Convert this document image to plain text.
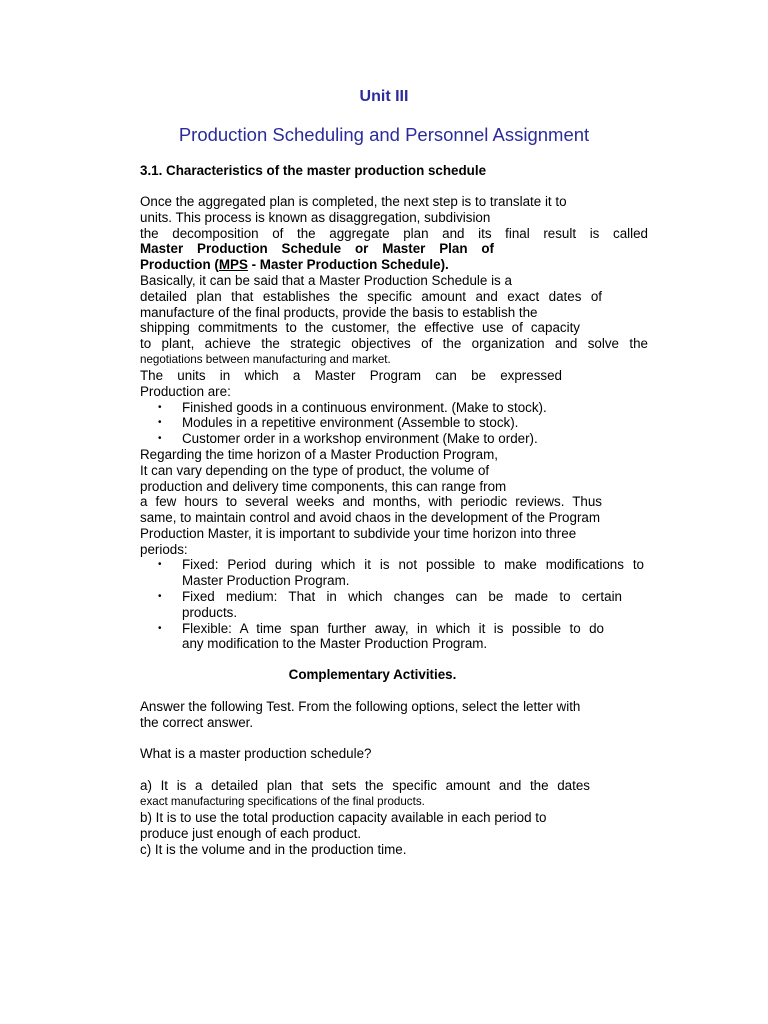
Unit III
Production Scheduling and Personnel Assignment
3.1. Characteristics of the master production schedule
Once the aggregated plan is completed, the next step is to translate it to
units. This process is known as disaggregation, subdivision
the decomposition of the aggregate plan and its final result is called
Master Production Schedule or Master Plan of
Production (MPS - Master Production Schedule).
Basically, it can be said that a Master Production Schedule is a
detailed plan that establishes the specific amount and exact dates of
manufacture of the final products, provide the basis to establish the
shipping commitments to the customer, the effective use of capacity
to plant, achieve the strategic objectives of the organization and solve the
negotiations between manufacturing and market.
The units in which a Master Program can be expressed
Production are:
• Finished goods in a continuous environment. (Make to stock).
• Modules in a repetitive environment (Assemble to stock).
• Customer order in a workshop environment (Make to order).
Regarding the time horizon of a Master Production Program,
It can vary depending on the type of product, the volume of
production and delivery time components, this can range from
a few hours to several weeks and months, with periodic reviews. Thus
same, to maintain control and avoid chaos in the development of the Program
Production Master, it is important to subdivide your time horizon into three
periods:
• Fixed: Period during which it is not possible to make modifications to
Master Production Program.
• Fixed medium: That in which changes can be made to certain
products.
• Flexible: A time span further away, in which it is possible to do
any modification to the Master Production Program.
Complementary Activities.
Answer the following Test. From the following options, select the letter with
the correct answer.
What is a master production schedule?
a) It is a detailed plan that sets the specific amount and the dates
exact manufacturing specifications of the final products.
b) It is to use the total production capacity available in each period to
produce just enough of each product.
c) It is the volume and in the production time.
